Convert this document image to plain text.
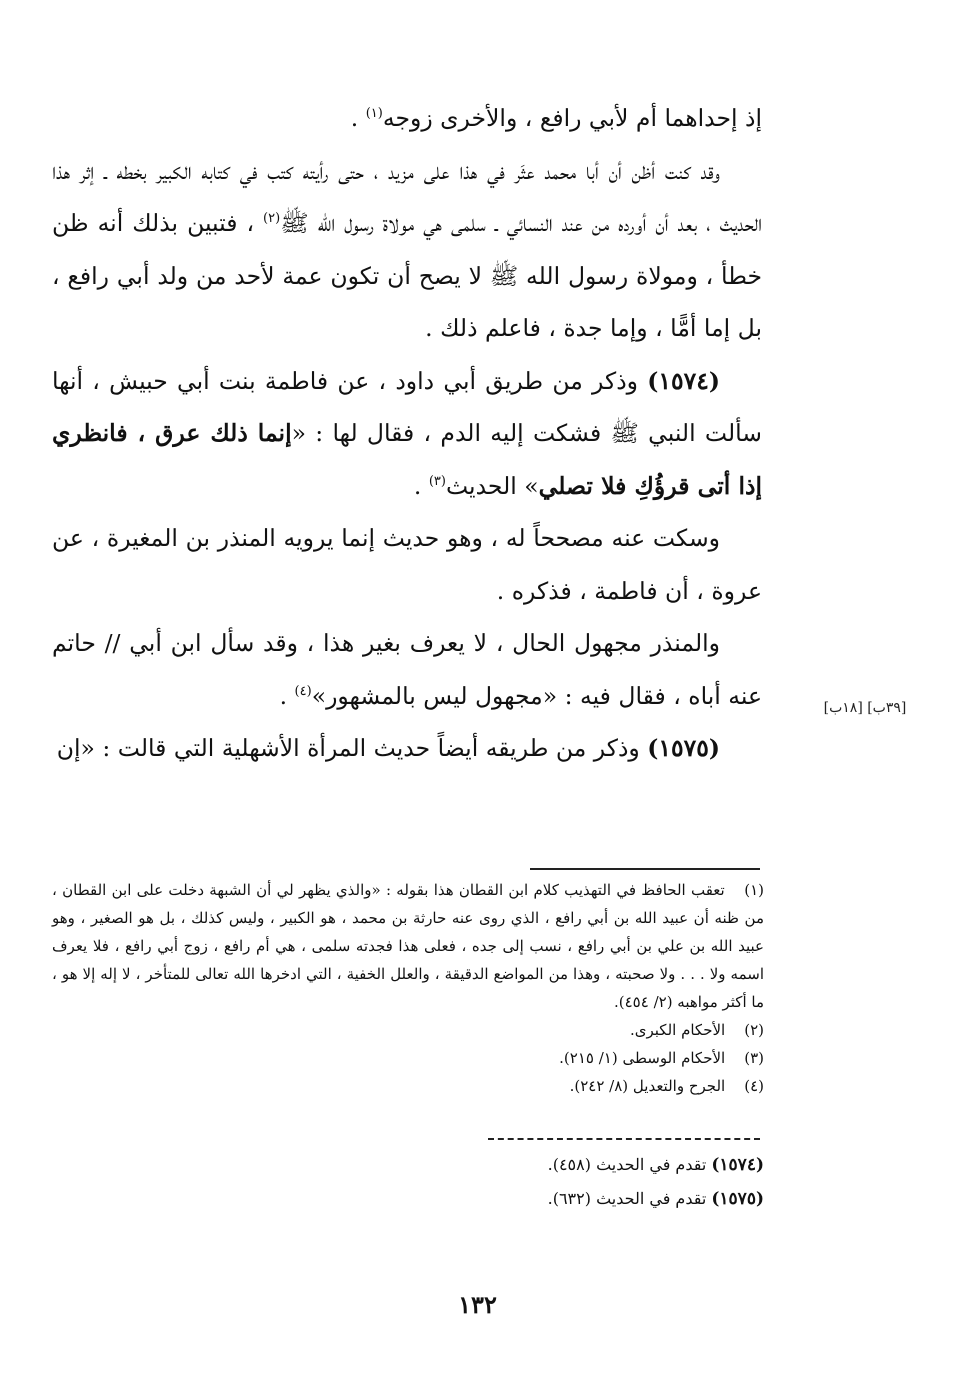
إذ إحداهما أم لأبي رافع ، والأخرى زوجه$^{(١)}$ .

وقد كنت أظن أن أبا محمد عثَر في هذا على مزيد ، حتى رأيته كتب في كتابه الكبير بخطه ـ إثر هذا الحديث ، بعد أن أورده من عند النسائي ـ سلمى هي مولاة رسول الله ﷺ$^{(٢)}$ ، فتبين بذلك أنه ظن خطأ ، ومولاة رسول الله ﷺ لا يصح أن تكون عمة لأحد من ولد أبي رافع ، بل إما أمًّا ، وإما جدة ، فاعلم ذلك .

(١٥٧٤) وذكر من طريق أبي داود ، عن فاطمة بنت أبي حبيش ، أنها سألت النبي ﷺ فشكت إليه الدم ، فقال لها : «إنما ذلك عرق ، فانظري إذا أتى قرؤُكِ فلا تصلي» الحديث$^{(٣)}$ .

وسكت عنه مصححاً له ، وهو حديث إنما يرويه المنذر بن المغيرة ، عن عروة ، أن فاطمة ، فذكره .

والمنذر مجهول الحال ، لا يعرف بغير هذا ، وقد سأل ابن أبي // حاتم عنه أباه ، فقال فيه : «مجهول ليس بالمشهور»$^{(٤)}$ .

(١٥٧٥) وذكر من طريقه أيضاً حديث المرأة الأشهلية التي قالت : «إن

[٣٩ب] [١٨ب]

(١) تعقب الحافظ في التهذيب كلام ابن القطان هذا بقوله : «والذي يظهر لي أن الشبهة دخلت على ابن القطان ، من ظنه أن عبيد الله بن أبي رافع ، الذي روى عنه حارثة بن محمد ، هو الكبير ، وليس كذلك ، بل هو الصغير ، وهو عبيد الله بن علي بن أبي رافع ، نسب إلى جده ، فعلى هذا فجدته سلمى ، هي أم رافع ، زوج أبي رافع ، فلا يعرف اسمه ولا . . . ولا صحبته ، وهذا من المواضع الدقيقة ، والعلل الخفية ، التي ادخرها الله تعالى للمتأخر ، لا إله إلا هو ، ما أكثر مواهبه (٢/ ٤٥٤).

(٢) الأحكام الكبرى.

(٣) الأحكام الوسطى (١/ ٢١٥).

(٤) الجرح والتعديل (٨/ ٢٤٢).

(١٥٧٤) تقدم في الحديث (٤٥٨).
(١٥٧٥) تقدم في الحديث (٦٣٢).
١٣٢
